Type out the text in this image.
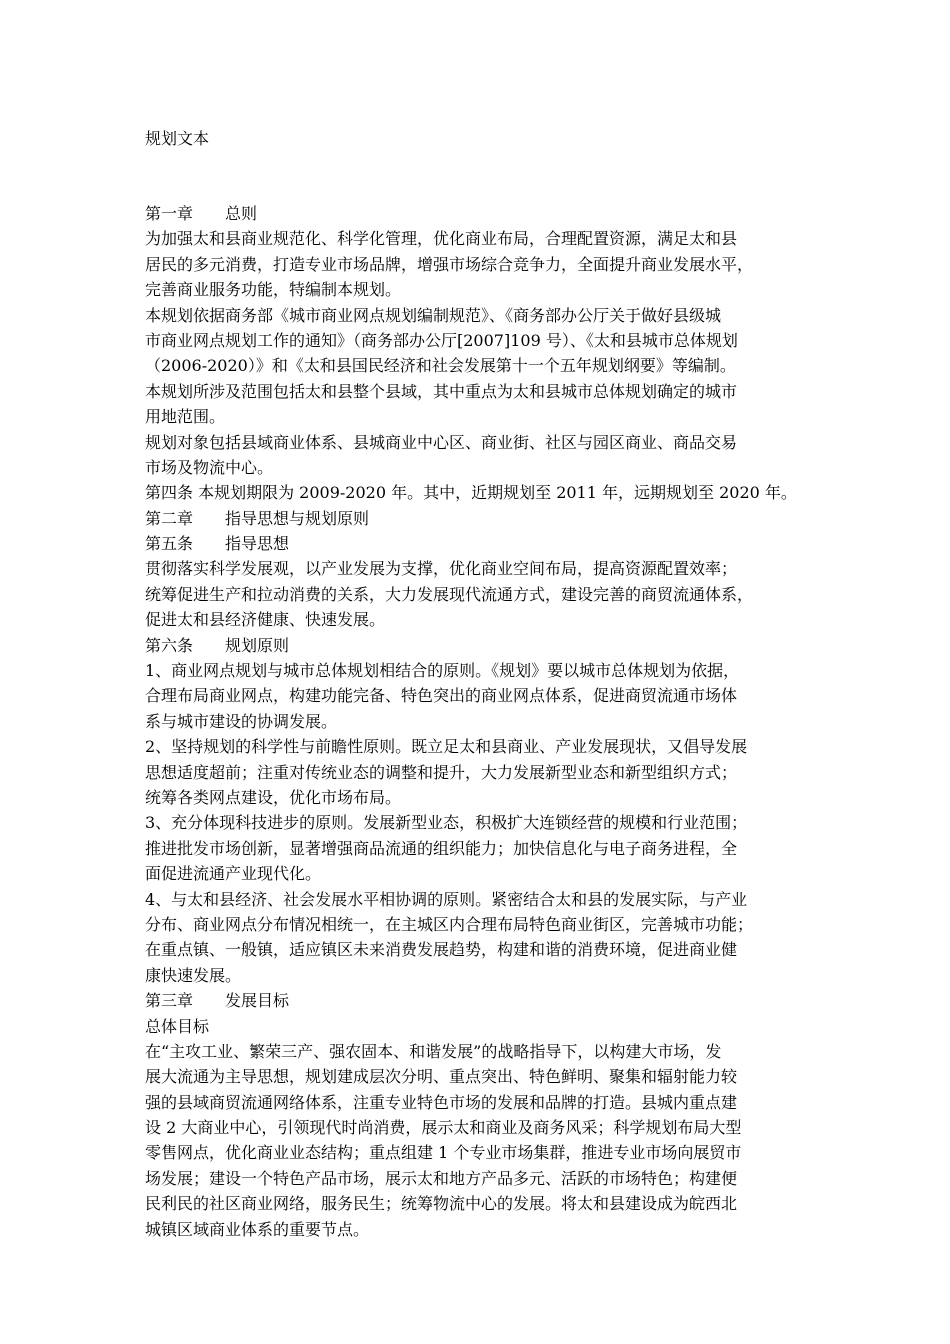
规划文本
第一章　　总则
为加强太和县商业规范化、科学化管理，优化商业布局，合理配置资源，满足太和县
居民的多元消费，打造专业市场品牌，增强市场综合竞争力，全面提升商业发展水平，
完善商业服务功能，特编制本规划。
本规划依据商务部《城市商业网点规划编制规范》、《商务部办公厅关于做好县级城
市商业网点规划工作的通知》（商务部办公厅[2007]109 号）、《太和县城市总体规划
（2006-2020）》和《太和县国民经济和社会发展第十一个五年规划纲要》等编制。
本规划所涉及范围包括太和县整个县域，其中重点为太和县城市总体规划确定的城市
用地范围。
规划对象包括县域商业体系、县城商业中心区、商业街、社区与园区商业、商品交易
市场及物流中心。
第四条 本规划期限为 2009-2020 年。其中，近期规划至 2011 年，远期规划至 2020 年。
第二章　　指导思想与规划原则
第五条　　指导思想
贯彻落实科学发展观，以产业发展为支撑，优化商业空间布局，提高资源配置效率；
统筹促进生产和拉动消费的关系，大力发展现代流通方式，建设完善的商贸流通体系，
促进太和县经济健康、快速发展。
第六条　　规划原则
1、商业网点规划与城市总体规划相结合的原则。《规划》要以城市总体规划为依据，
合理布局商业网点，构建功能完备、特色突出的商业网点体系，促进商贸流通市场体
系与城市建设的协调发展。
2、坚持规划的科学性与前瞻性原则。既立足太和县商业、产业发展现状，又倡导发展
思想适度超前；注重对传统业态的调整和提升，大力发展新型业态和新型组织方式；
统筹各类网点建设，优化市场布局。
3、充分体现科技进步的原则。发展新型业态，积极扩大连锁经营的规模和行业范围；
推进批发市场创新，显著增强商品流通的组织能力；加快信息化与电子商务进程，全
面促进流通产业现代化。
4、与太和县经济、社会发展水平相协调的原则。紧密结合太和县的发展实际，与产业
分布、商业网点分布情况相统一，在主城区内合理布局特色商业街区，完善城市功能；
在重点镇、一般镇，适应镇区未来消费发展趋势，构建和谐的消费环境，促进商业健
康快速发展。
第三章　　发展目标
总体目标
在“主攻工业、繁荣三产、强农固本、和谐发展”的战略指导下，以构建大市场，发
展大流通为主导思想，规划建成层次分明、重点突出、特色鲜明、聚集和辐射能力较
强的县域商贸流通网络体系，注重专业特色市场的发展和品牌的打造。县城内重点建
设 2 大商业中心，引领现代时尚消费，展示太和商业及商务风采；科学规划布局大型
零售网点，优化商业业态结构；重点组建 1 个专业市场集群，推进专业市场向展贸市
场发展；建设一个特色产品市场，展示太和地方产品多元、活跃的市场特色；构建便
民利民的社区商业网络，服务民生；统筹物流中心的发展。将太和县建设成为皖西北
城镇区域商业体系的重要节点。
